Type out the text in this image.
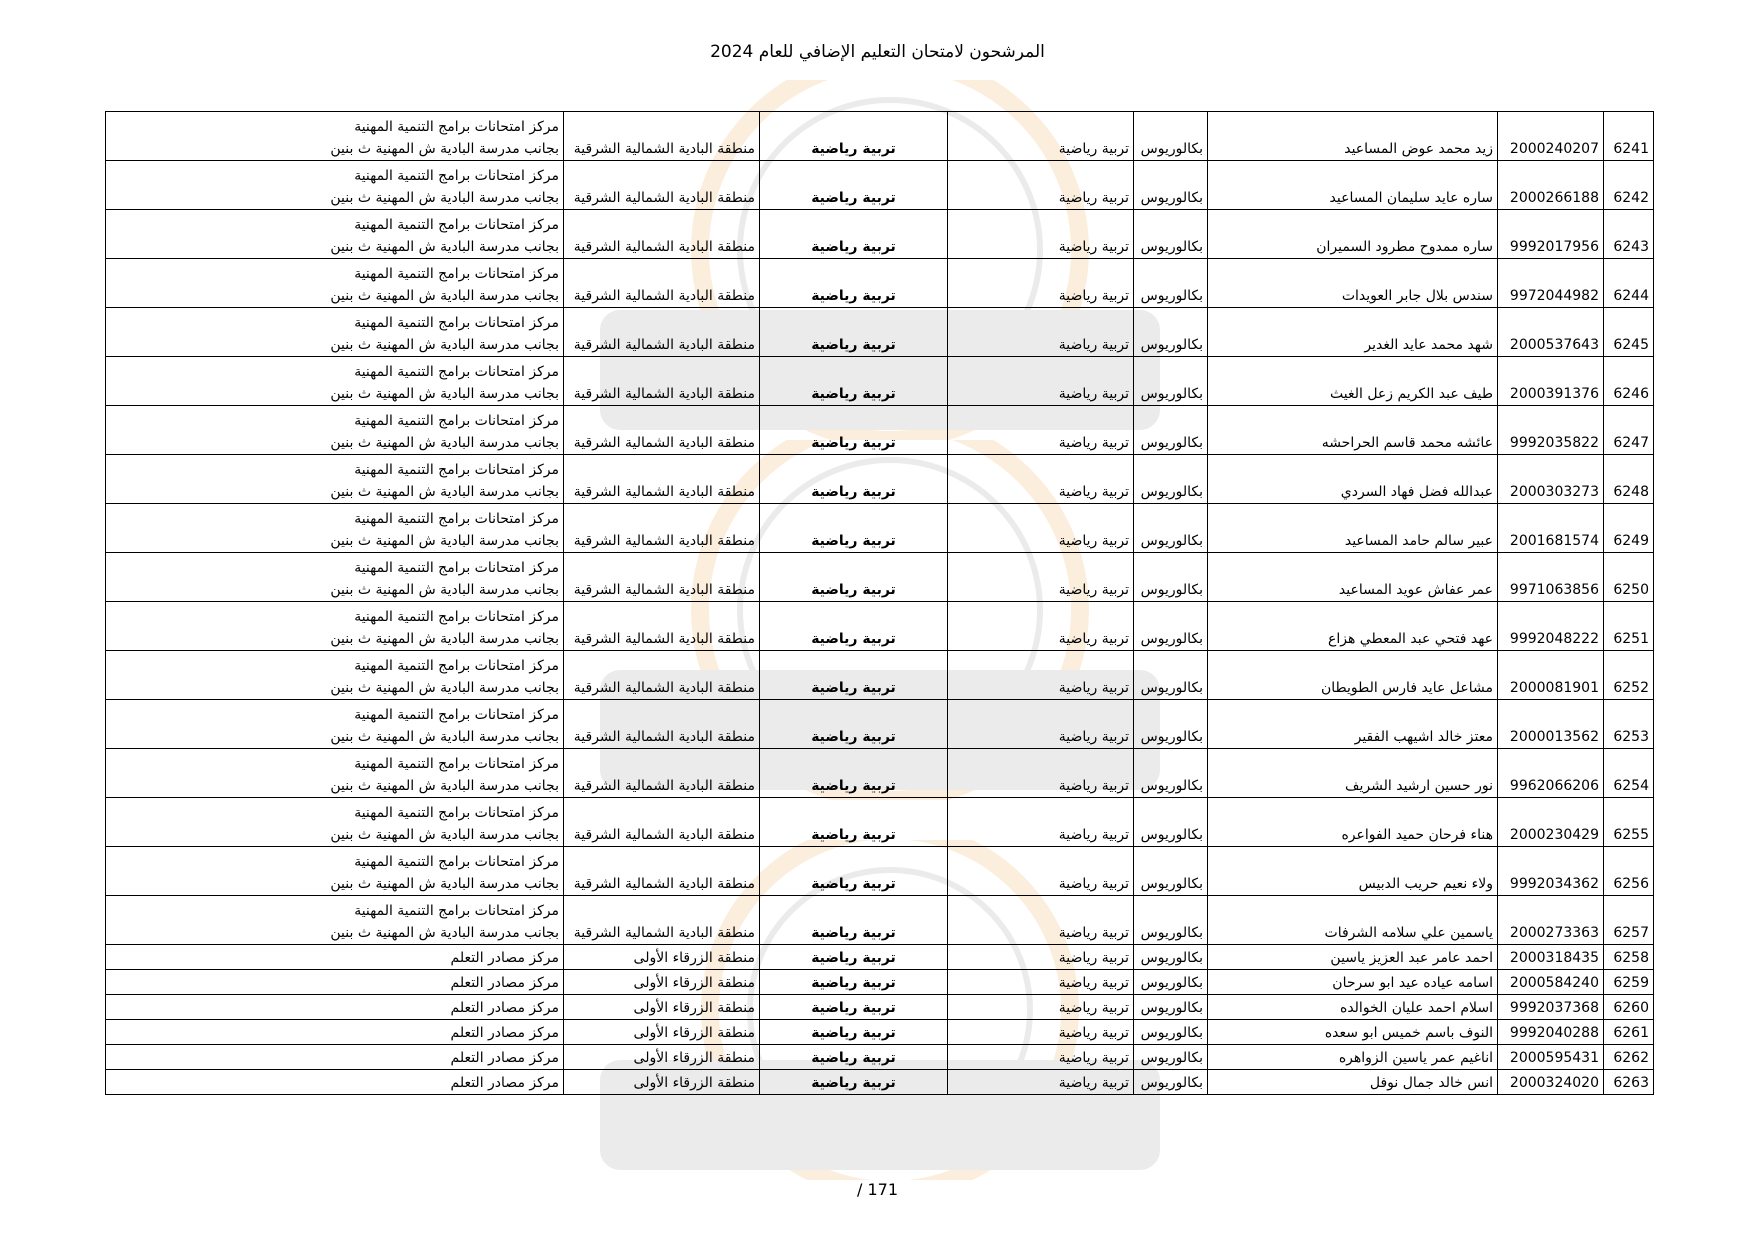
المرشحون لامتحان التعليم الإضافي للعام 2024
6241	2000240207	زيد محمد عوض المساعيد	بكالوريوس	تربية رياضية	تربية رياضية	منطقة البادية الشمالية الشرقية	مركز امتحانات برامج التنمية المهنية
بجانب مدرسة البادية ش المهنية ث بنين

6242	2000266188	ساره عايد سليمان المساعيد	بكالوريوس	تربية رياضية	تربية رياضية	منطقة البادية الشمالية الشرقية	مركز امتحانات برامج التنمية المهنية
بجانب مدرسة البادية ش المهنية ث بنين

6243	9992017956	ساره ممدوح مطرود السميران	بكالوريوس	تربية رياضية	تربية رياضية	منطقة البادية الشمالية الشرقية	مركز امتحانات برامج التنمية المهنية
بجانب مدرسة البادية ش المهنية ث بنين

6244	9972044982	سندس بلال جابر العويدات	بكالوريوس	تربية رياضية	تربية رياضية	منطقة البادية الشمالية الشرقية	مركز امتحانات برامج التنمية المهنية
بجانب مدرسة البادية ش المهنية ث بنين

6245	2000537643	شهد محمد عايد الغدير	بكالوريوس	تربية رياضية	تربية رياضية	منطقة البادية الشمالية الشرقية	مركز امتحانات برامج التنمية المهنية
بجانب مدرسة البادية ش المهنية ث بنين

6246	2000391376	طيف عبد الكريم زعل الغيث	بكالوريوس	تربية رياضية	تربية رياضية	منطقة البادية الشمالية الشرقية	مركز امتحانات برامج التنمية المهنية
بجانب مدرسة البادية ش المهنية ث بنين

6247	9992035822	عائشه محمد قاسم الحراحشه	بكالوريوس	تربية رياضية	تربية رياضية	منطقة البادية الشمالية الشرقية	مركز امتحانات برامج التنمية المهنية
بجانب مدرسة البادية ش المهنية ث بنين

6248	2000303273	عبدالله فضل فهاد السردي	بكالوريوس	تربية رياضية	تربية رياضية	منطقة البادية الشمالية الشرقية	مركز امتحانات برامج التنمية المهنية
بجانب مدرسة البادية ش المهنية ث بنين

6249	2001681574	عبير سالم حامد المساعيد	بكالوريوس	تربية رياضية	تربية رياضية	منطقة البادية الشمالية الشرقية	مركز امتحانات برامج التنمية المهنية
بجانب مدرسة البادية ش المهنية ث بنين

6250	9971063856	عمر عفاش عويد المساعيد	بكالوريوس	تربية رياضية	تربية رياضية	منطقة البادية الشمالية الشرقية	مركز امتحانات برامج التنمية المهنية
بجانب مدرسة البادية ش المهنية ث بنين

6251	9992048222	عهد فتحي عبد المعطي هزاع	بكالوريوس	تربية رياضية	تربية رياضية	منطقة البادية الشمالية الشرقية	مركز امتحانات برامج التنمية المهنية
بجانب مدرسة البادية ش المهنية ث بنين

6252	2000081901	مشاعل عايد فارس الطويطان	بكالوريوس	تربية رياضية	تربية رياضية	منطقة البادية الشمالية الشرقية	مركز امتحانات برامج التنمية المهنية
بجانب مدرسة البادية ش المهنية ث بنين

6253	2000013562	معتز خالد اشيهب الفقير	بكالوريوس	تربية رياضية	تربية رياضية	منطقة البادية الشمالية الشرقية	مركز امتحانات برامج التنمية المهنية
بجانب مدرسة البادية ش المهنية ث بنين

6254	9962066206	نور حسين ارشيد الشريف	بكالوريوس	تربية رياضية	تربية رياضية	منطقة البادية الشمالية الشرقية	مركز امتحانات برامج التنمية المهنية
بجانب مدرسة البادية ش المهنية ث بنين

6255	2000230429	هناء فرحان حميد الفواعره	بكالوريوس	تربية رياضية	تربية رياضية	منطقة البادية الشمالية الشرقية	مركز امتحانات برامج التنمية المهنية
بجانب مدرسة البادية ش المهنية ث بنين

6256	9992034362	ولاء نعيم حريب الدبيس	بكالوريوس	تربية رياضية	تربية رياضية	منطقة البادية الشمالية الشرقية	مركز امتحانات برامج التنمية المهنية
بجانب مدرسة البادية ش المهنية ث بنين

6257	2000273363	ياسمين علي سلامه الشرفات	بكالوريوس	تربية رياضية	تربية رياضية	منطقة البادية الشمالية الشرقية	مركز امتحانات برامج التنمية المهنية
بجانب مدرسة البادية ش المهنية ث بنين

6258	2000318435	احمد عامر عبد العزيز ياسين	بكالوريوس	تربية رياضية	تربية رياضية	منطقة الزرقاء الأولى	مركز مصادر التعلم

6259	2000584240	اسامه عياده عيد ابو سرحان	بكالوريوس	تربية رياضية	تربية رياضية	منطقة الزرقاء الأولى	مركز مصادر التعلم

6260	9992037368	اسلام احمد عليان الخوالده	بكالوريوس	تربية رياضية	تربية رياضية	منطقة الزرقاء الأولى	مركز مصادر التعلم

6261	9992040288	النوف باسم خميس ابو سعده	بكالوريوس	تربية رياضية	تربية رياضية	منطقة الزرقاء الأولى	مركز مصادر التعلم

6262	2000595431	اناغيم عمر ياسين الزواهره	بكالوريوس	تربية رياضية	تربية رياضية	منطقة الزرقاء الأولى	مركز مصادر التعلم

6263	2000324020	انس خالد جمال نوفل	بكالوريوس	تربية رياضية	تربية رياضية	منطقة الزرقاء الأولى	مركز مصادر التعلم
/ 171
